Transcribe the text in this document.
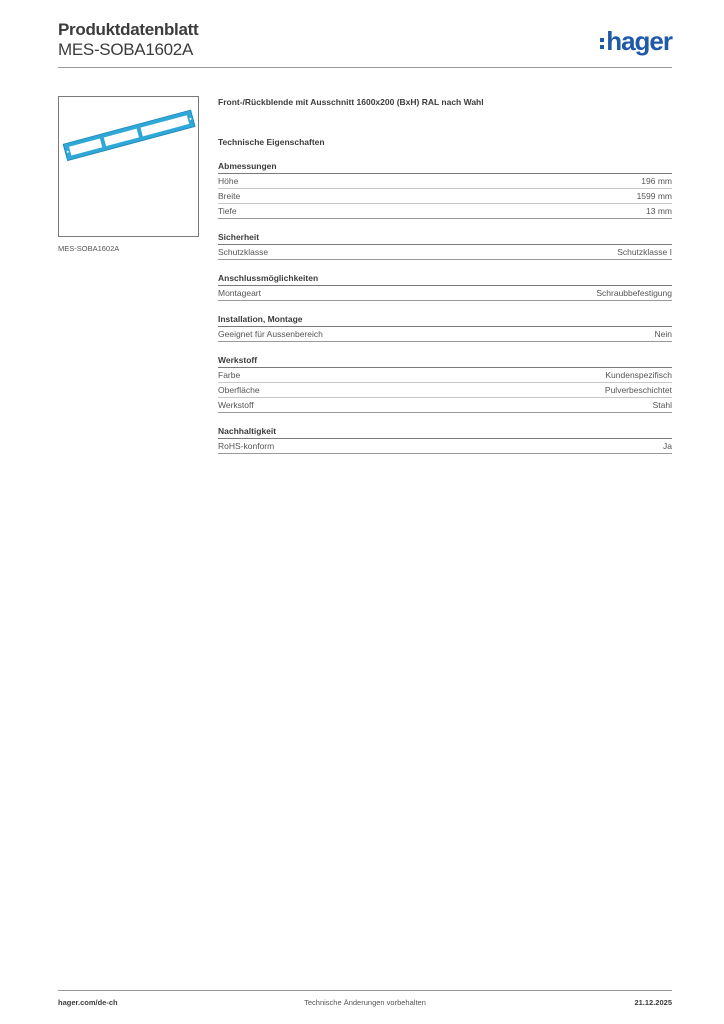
Produktdatenblatt
MES-SOBA1602A	hager
MES-SOBA1602A

Front-/Rückblende mit Ausschnitt 1600x200 (BxH) RAL nach Wahl

Technische Eigenschaften

Abmessungen
Höhe	196 mm
Breite	1599 mm
Tiefe	13 mm
Sicherheit
Schutzklasse	Schutzklasse I
Anschlussmöglichkeiten
Montageart	Schraubbefestigung
Installation, Montage
Geeignet für Aussenbereich	Nein
Werkstoff
Farbe	Kundenspezifisch
Oberfläche	Pulverbeschichtet
Werkstoff	Stahl
Nachhaltigkeit
RoHS-konform	Ja
hager.com/de-ch	Technische Änderungen vorbehalten	21.12.2025
